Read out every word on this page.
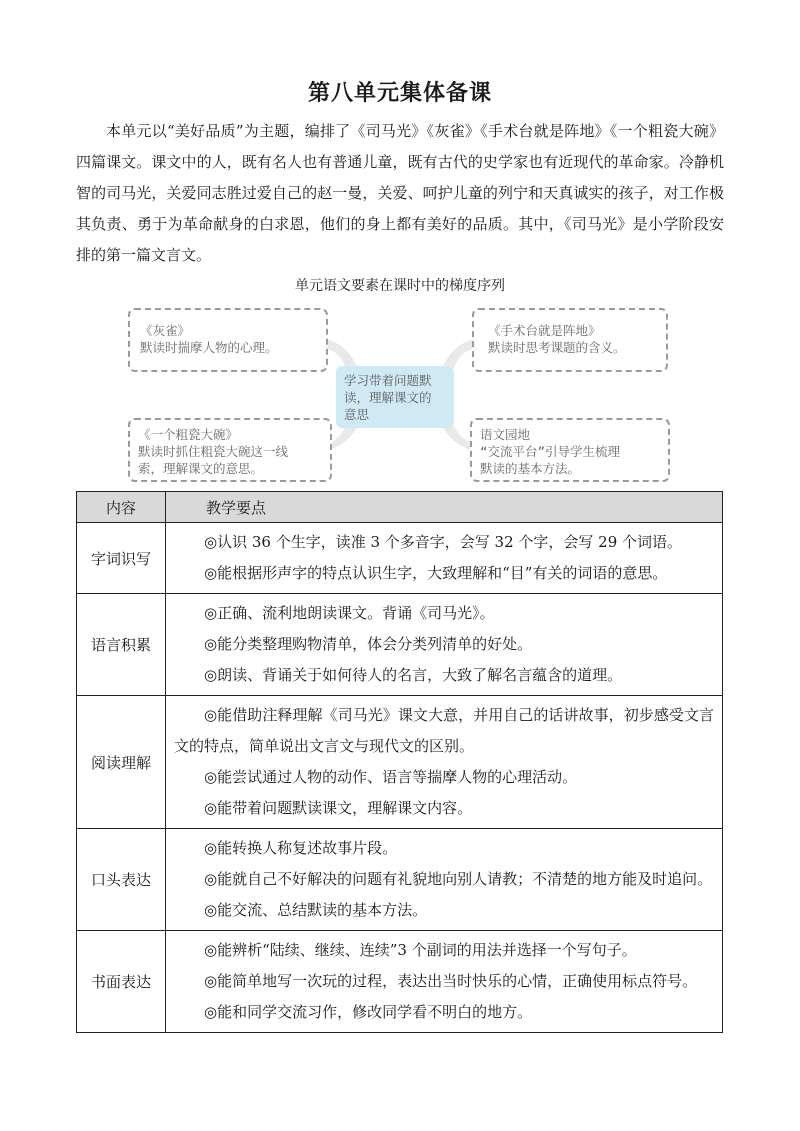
第八单元集体备课

本单元以“美好品质”为主题，编排了《司马光》《灰雀》《手术台就是阵地》《一个粗瓷大碗》四篇课文。课文中的人，既有名人也有普通儿童，既有古代的史学家也有近现代的革命家。冷静机智的司马光，关爱同志胜过爱自己的赵一曼，关爱、呵护儿童的列宁和天真诚实的孩子，对工作极其负责、勇于为革命献身的白求恩，他们的身上都有美好的品质。其中，《司马光》是小学阶段安排的第一篇文言文。

单元语文要素在课时中的梯度序列
《灰雀》
默读时揣摩人物的心理。
《手术台就是阵地》
默读时思考课题的含义。
学习带着问题默
读，理解课文的
意思
《一个粗瓷大碗》
默读时抓住粗瓷大碗这一线
索，理解课文的意思。
语文园地
“交流平台”引导学生梳理
默读的基本方法。
内容	教学要点
字词识写	◎认识 36 个生字，读准 3 个多音字，会写 32 个字，会写 29 个词语。
◎能根据形声字的特点认识生字，大致理解和“目”有关的词语的意思。

语言积累	◎正确、流利地朗读课文。背诵《司马光》。
◎能分类整理购物清单，体会分类列清单的好处。
◎朗读、背诵关于如何待人的名言，大致了解名言蕴含的道理。

阅读理解	◎能借助注释理解《司马光》课文大意，并用自己的话讲故事，初步感受文言文的特点，简单说出文言文与现代文的区别。
◎能尝试通过人物的动作、语言等揣摩人物的心理活动。
◎能带着问题默读课文，理解课文内容。

口头表达	◎能转换人称复述故事片段。
◎能就自己不好解决的问题有礼貌地向别人请教；不清楚的地方能及时追问。
◎能交流、总结默读的基本方法。

书面表达	◎能辨析“陆续、继续、连续”3 个副词的用法并选择一个写句子。
◎能简单地写一次玩的过程，表达出当时快乐的心情，正确使用标点符号。
◎能和同学交流习作，修改同学看不明白的地方。
